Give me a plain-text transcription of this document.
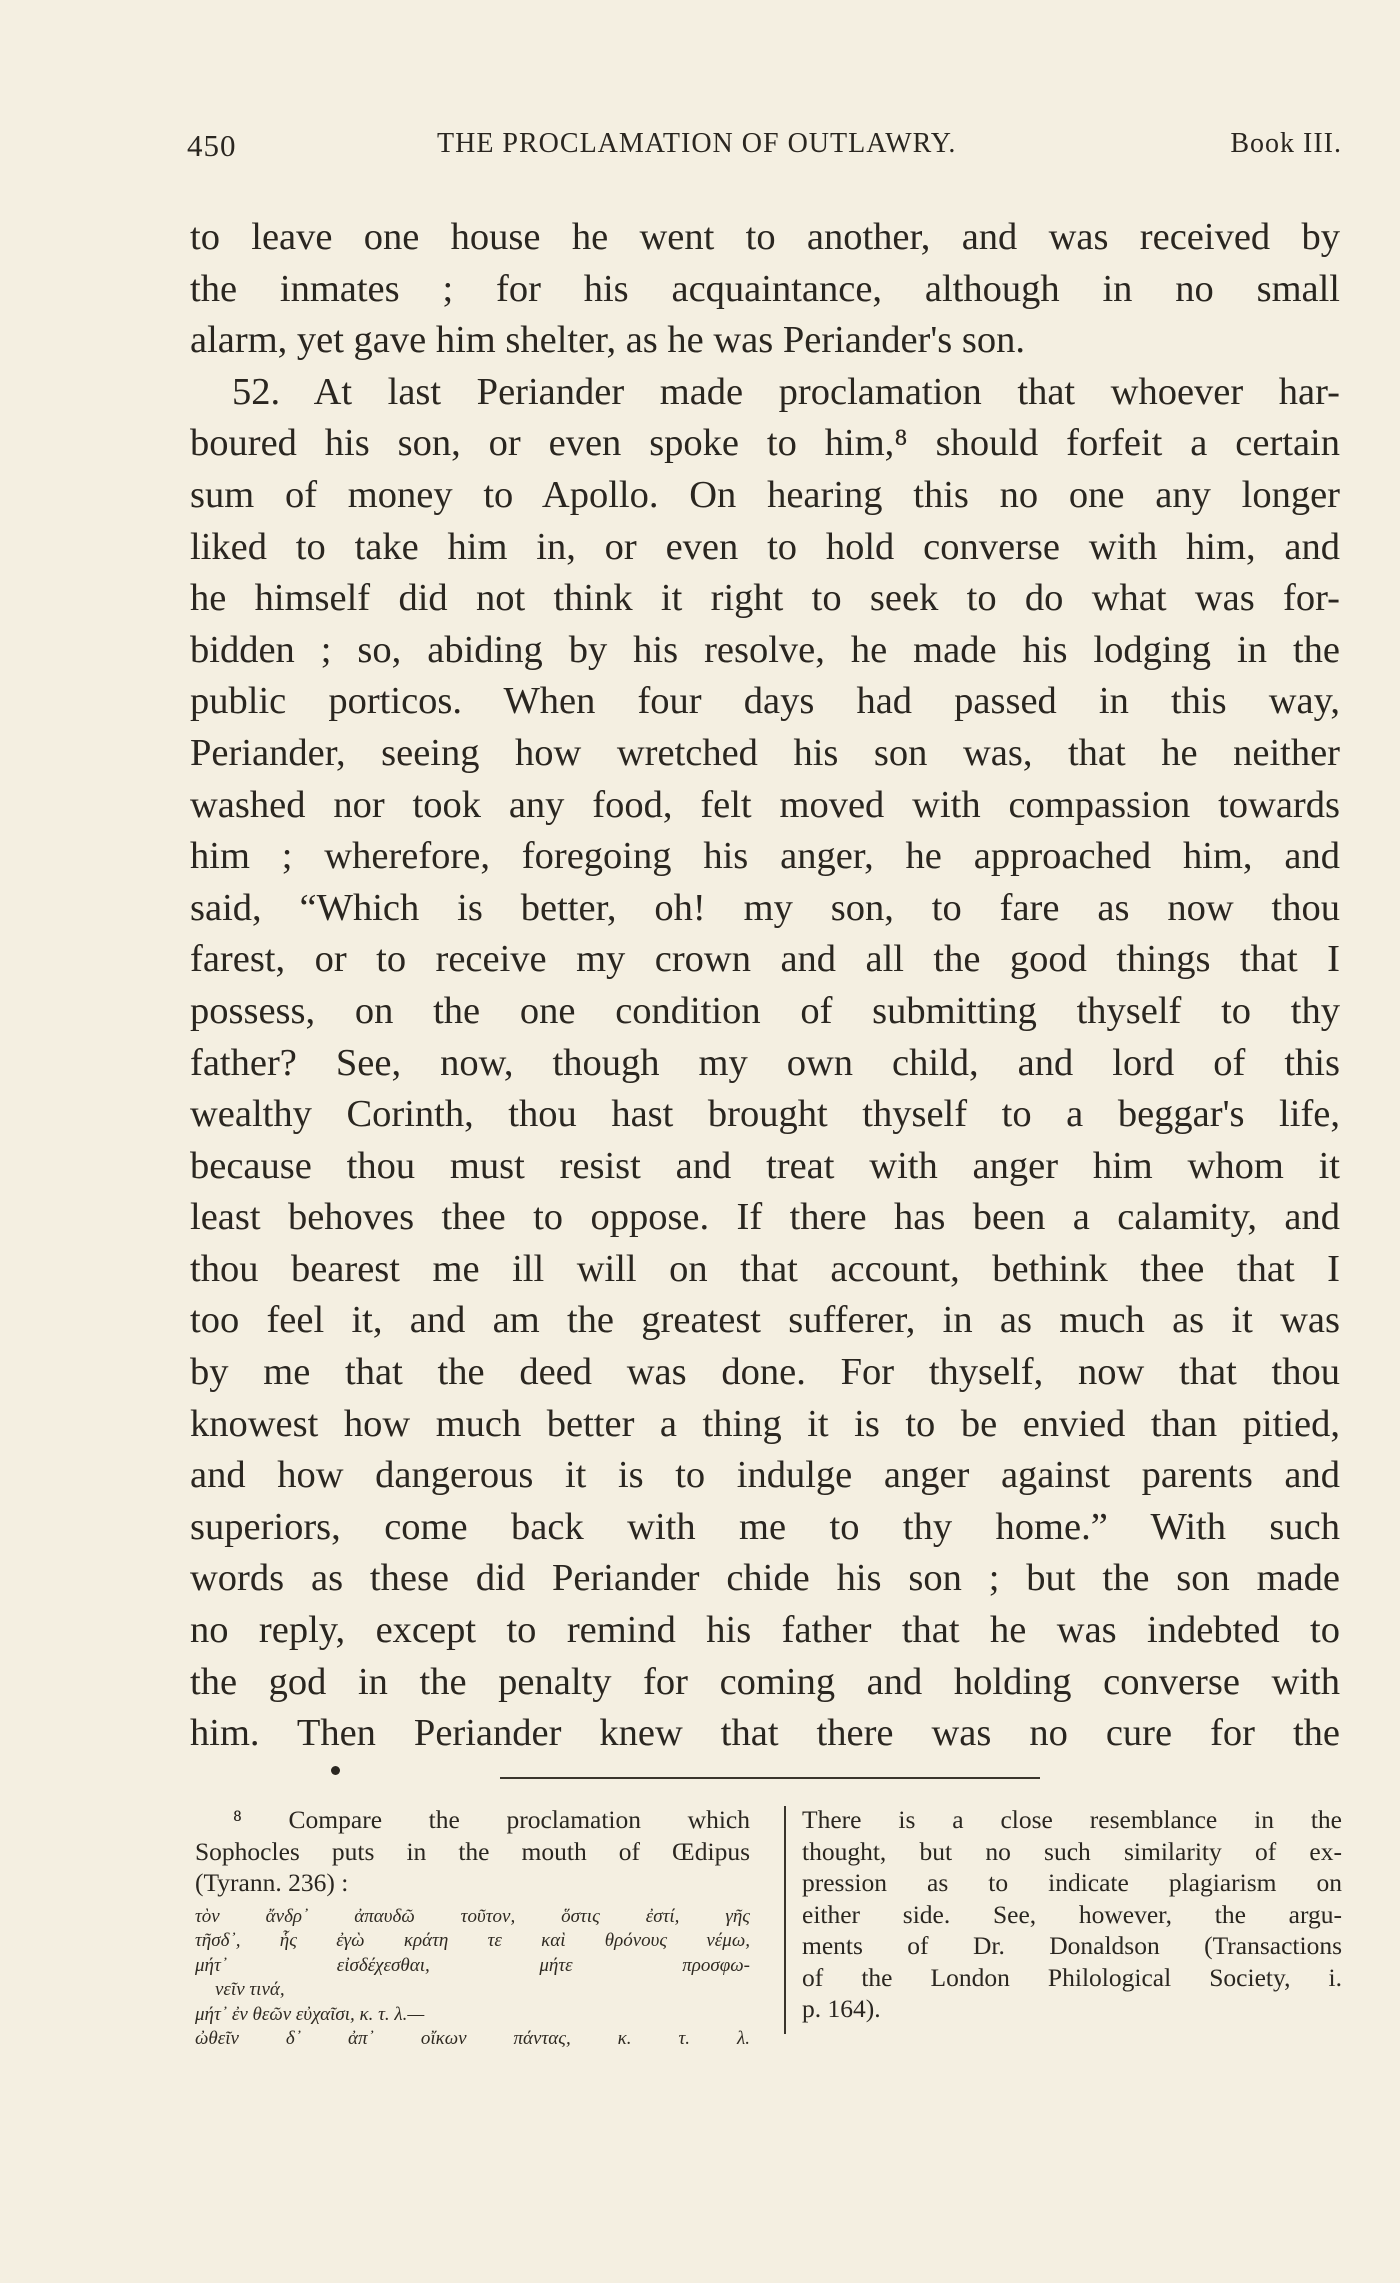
450	THE PROCLAMATION OF OUTLAWRY.	Book III.
to leave one house he went to another, and was received by
the inmates ; for his acquaintance, although in no small
alarm, yet gave him shelter, as he was Periander's son.
52. At last Periander made proclamation that whoever har-
boured his son, or even spoke to him,⁸ should forfeit a certain
sum of money to Apollo. On hearing this no one any longer
liked to take him in, or even to hold converse with him, and
he himself did not think it right to seek to do what was for-
bidden ; so, abiding by his resolve, he made his lodging in the
public porticos. When four days had passed in this way,
Periander, seeing how wretched his son was, that he neither
washed nor took any food, felt moved with compassion towards
him ; wherefore, foregoing his anger, he approached him, and
said, “Which is better, oh! my son, to fare as now thou
farest, or to receive my crown and all the good things that I
possess, on the one condition of submitting thyself to thy
father? See, now, though my own child, and lord of this
wealthy Corinth, thou hast brought thyself to a beggar's life,
because thou must resist and treat with anger him whom it
least behoves thee to oppose. If there has been a calamity, and
thou bearest me ill will on that account, bethink thee that I
too feel it, and am the greatest sufferer, in as much as it was
by me that the deed was done. For thyself, now that thou
knowest how much better a thing it is to be envied than pitied,
and how dangerous it is to indulge anger against parents and
superiors, come back with me to thy home.” With such
words as these did Periander chide his son ; but the son made
no reply, except to remind his father that he was indebted to
the god in the penalty for coming and holding converse with
him. Then Periander knew that there was no cure for the
⁸ Compare the proclamation which
Sophocles puts in the mouth of Œdipus
(Tyrann. 236) :
τὸν ἄνδρ᾽ ἀπαυδῶ τοῦτον, ὅστις ἐστί, γῆς
τῆσδ᾽, ἧς ἐγὼ κράτη τε καὶ θρόνους νέμω,
μήτ᾽ εἰσδέχεσθαι, μήτε προσφω-
νεῖν τινά,
μήτ᾽ ἐν θεῶν εὐχαῖσι, κ. τ. λ.—
ὠθεῖν δ᾽ ἀπ᾽ οἴκων πάντας, κ. τ. λ.
There is a close resemblance in the
thought, but no such similarity of ex-
pression as to indicate plagiarism on
either side. See, however, the argu-
ments of Dr. Donaldson (Transactions
of the London Philological Society, i.
p. 164).
